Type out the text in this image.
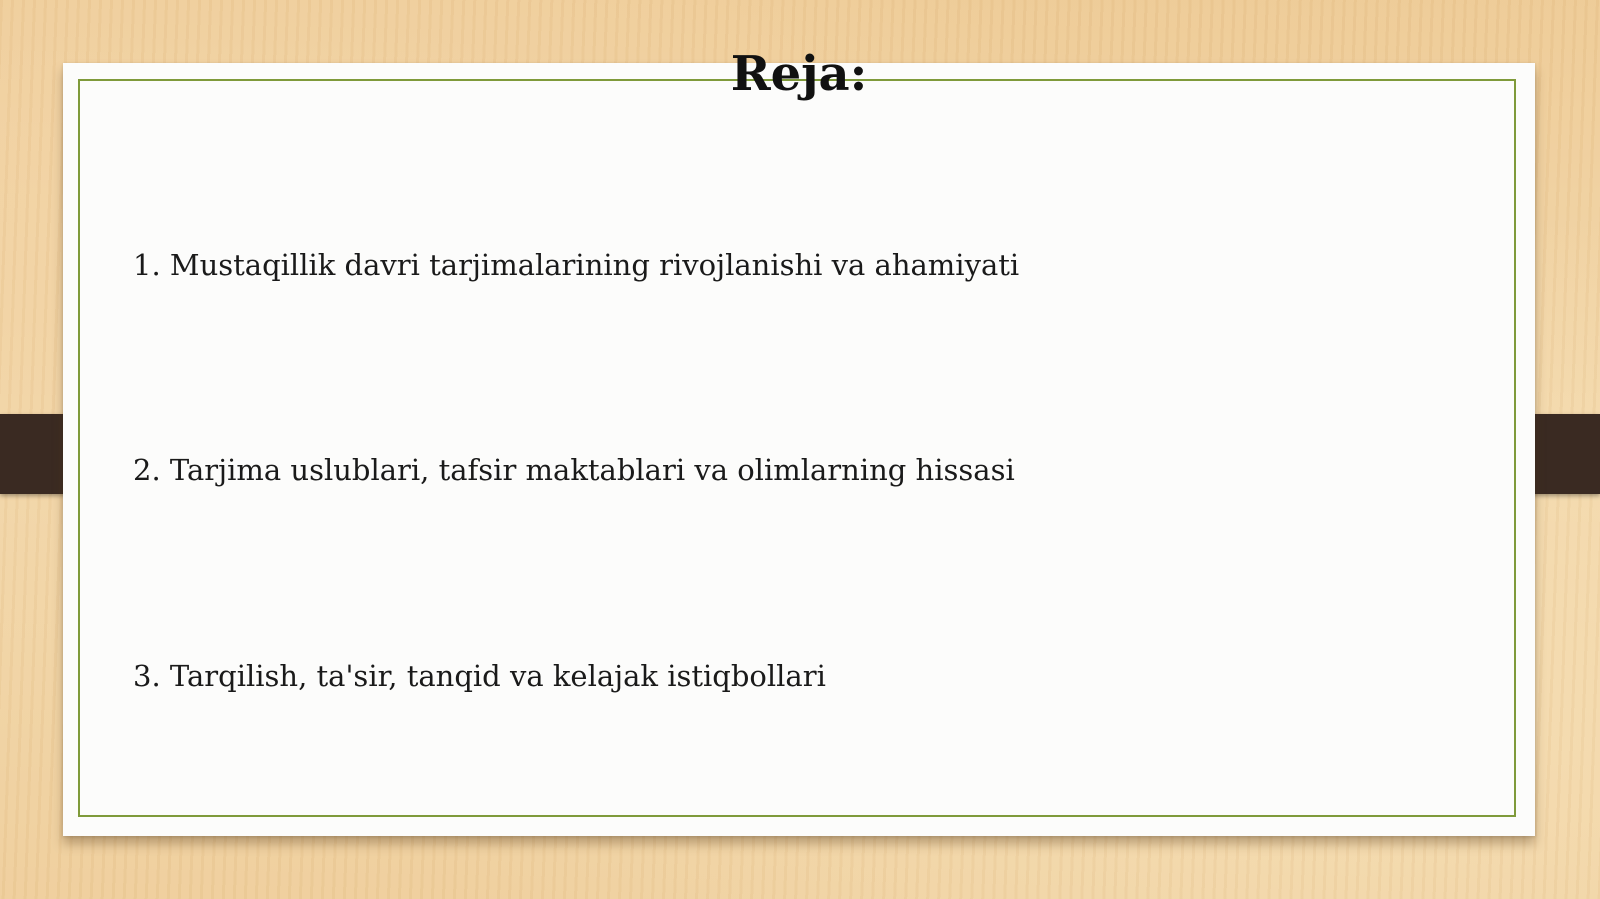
Reja:
1. Mustaqillik davri tarjimalarining rivojlanishi va ahamiyati
2. Tarjima uslublari, tafsir maktablari va olimlarning hissasi
3. Tarqilish, ta'sir, tanqid va kelajak istiqbollari
